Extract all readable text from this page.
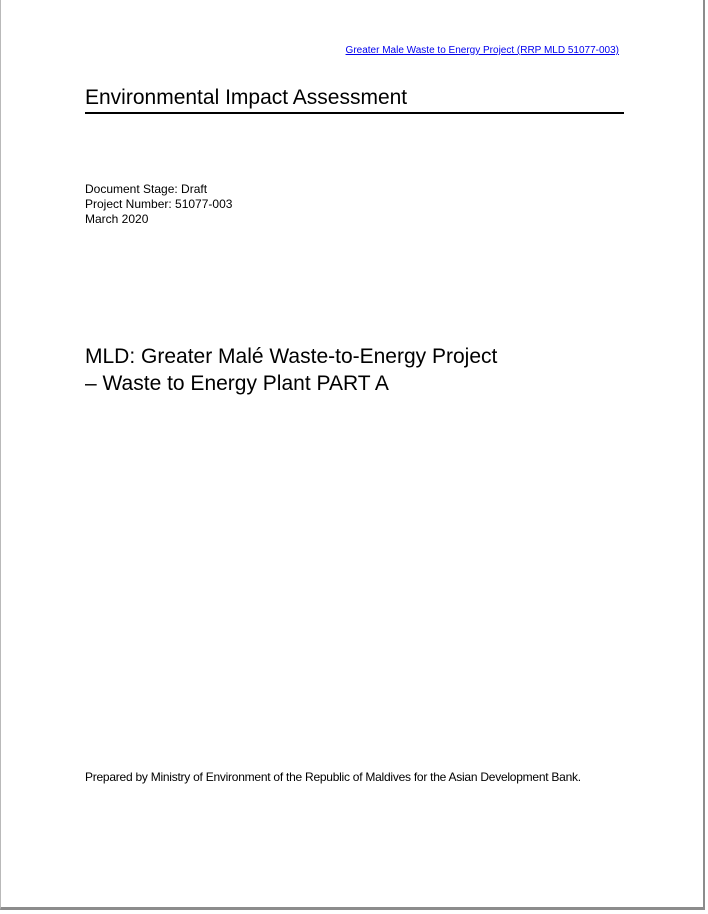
Greater Male Waste to Energy Project (RRP MLD 51077-003)
Environmental Impact Assessment
Document Stage: Draft
Project Number: 51077-003
March 2020
MLD: Greater Malé Waste-to-Energy Project
– Waste to Energy Plant PART A
Prepared by Ministry of Environment of the Republic of Maldives for the Asian Development Bank.
